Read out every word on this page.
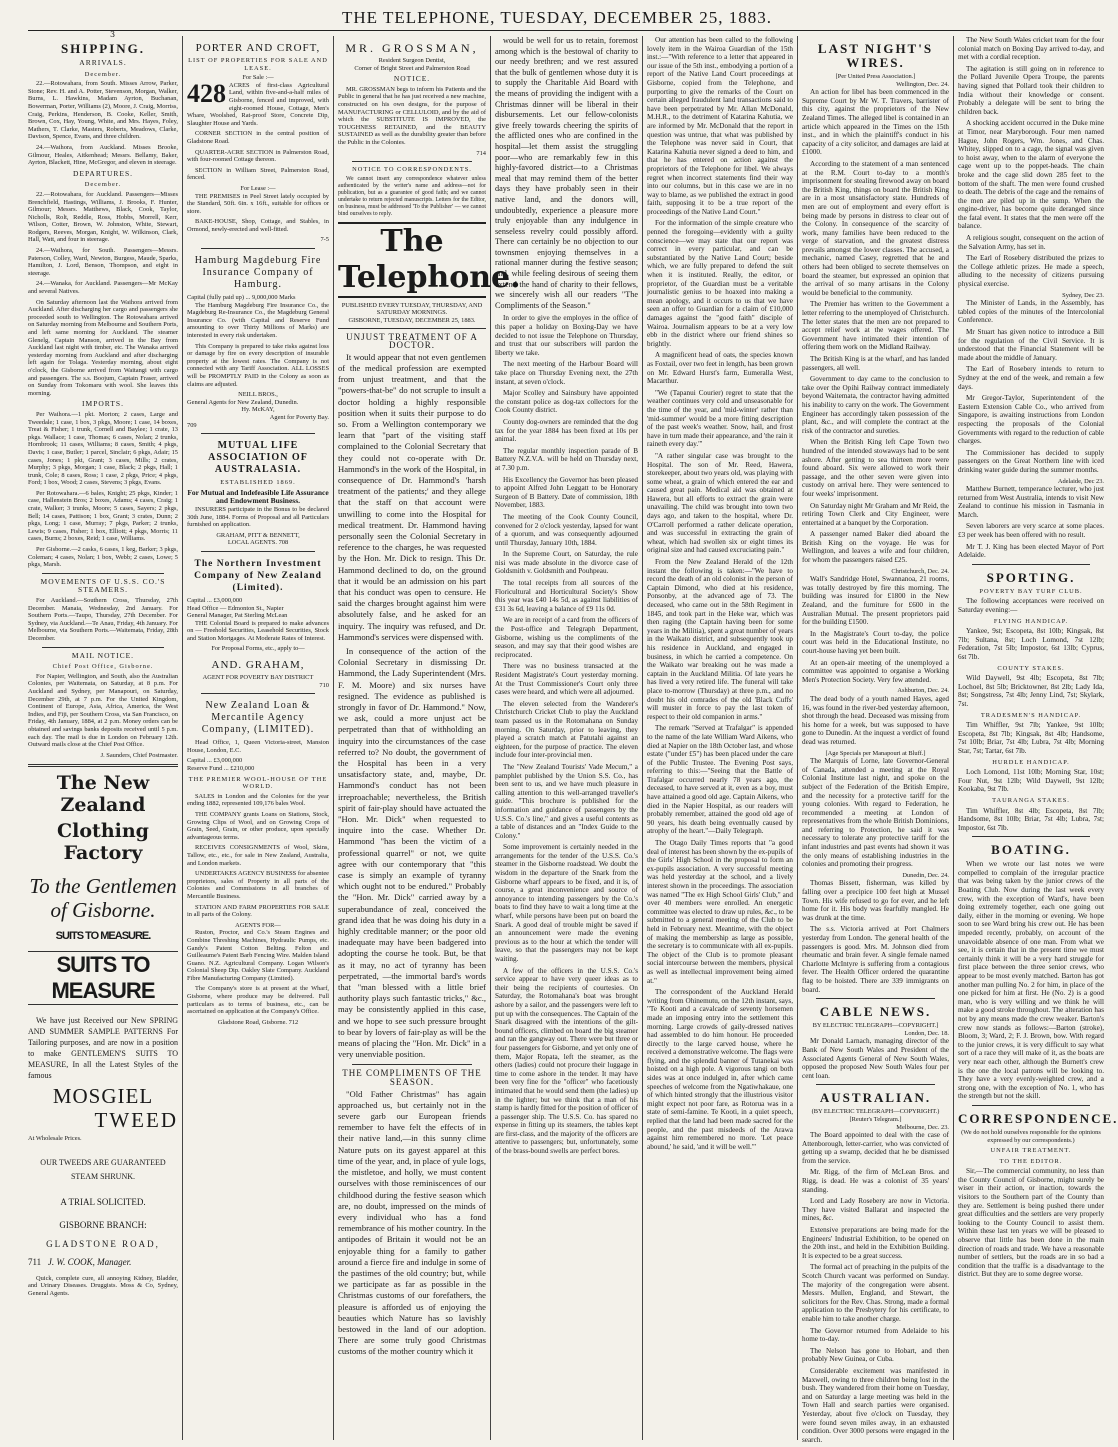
THE TELEPHONE, TUESDAY, DECEMBER 25, 1883.
3
SHIPPING.
ARRIVALS.
December.

22.—Rotowahara, from South. Misses Arrow, Parker, Stone; Rev. H. and A. Potter, Stevenson, Morgan, Walker, Burns, L. Hawkins, Madam Ayrton, Buchanan, Bowerman, Porter, Williams (2), Moore, J. Craig, Morriss, Craig, Perkins, Henderson, B. Cooke, Keller, Smith, Brown, Cox, Hay, Young, White, and Mrs. Hayes, Foley, Mathers, T. Clarke, Masters, Roberts, Meadows, Clarke, Davison, Spence, Evans, and three children.

24.—Waihora, from Auckland. Misses Brooke, Gilmour, Heales, Aitkenhead; Messrs. Bellamy, Baker, Ayrton, Blackett, Hine, McGregor, and eleven in steerage.

DEPARTURES.
December.

22.—Rotowahara, for Auckland. Passengers—Misses Brenchfield, Hastings, Williams, J. Brooks, F. Hunter, Gilmour; Messrs. Matthews, Black, Cook, Taylor, Nicholls, Rolt, Reddle, Ross, Hobbs, Morrell, Kerr, Wilson, Cotter, Brown, W. Johnston, White, Stewart, Rodgers, Reeves, Morgan, Knight, W. Wilkinson, Clark, Hall, Watt, and four in steerage.

24.—Waihora, for South. Passengers—Messrs. Paterson, Colley, Ward, Newton, Burgess, Maude, Sparks, Hamilton, J. Lord, Benson, Thompson, and eight in steerage.

24.—Wanaka, for Auckland. Passengers—Mr McKay and several Natives.

On Saturday afternoon last the Waihora arrived from Auckland. After discharging her cargo and passengers she proceeded south to Wellington. The Rotowahara arrived on Saturday morning from Melbourne and Southern Ports, and left same morning for Auckland. The steamer Glenelg, Captain Manson, arrived in the Bay from Auckland last night with timber, etc. The Wanaka arrived yesterday morning from Auckland and after discharging left again for Tolaga. Yesterday morning, about eight o'clock, the Gisborne arrived from Waitangi with cargo and passengers. The s.s. Boojum, Captain Fraser, arrived on Sunday from Tokomaru with wool. She leaves this morning.

IMPORTS.

Per Waihora.—1 pkt. Morton; 2 cases, Large and Tweedale; 1 case, 1 box, 3 pkgs, Moore; 1 case, 14 boxes, Treat & Fisher; 1 trunk, Cornell and Baylee; 1 crate, 13 pkgs. Wallace; 1 case, Thomas; 6 cases, Nolan; 2 trunks, Hornbrook; 11 cases, Williams; 8 cases, Smith; 4 pkgs, Davis; 1 case, Butler; 1 parcel, Sinclair; 6 pkgs, Adair; 15 cases, Jones; 1 pkt, Grant; 3 cases, Mills; 2 crates, Murphy; 3 pkgs, Morgan; 1 case, Black; 2 pkgs, Hall; 1 trunk, Cole; 8 cases, Ross; 1 case, 2 pkgs, Price; 4 pkgs, Ford; 1 box, Wood; 2 cases, Stevens; 3 pkgs, Evans.

Per Rotowahara.—6 bales, Knight; 25 pkgs, Kinder; 1 case, Hallenstein Bros; 2 boxes, Adams; 4 cases, Craig; 1 crate, Walker; 3 trunks, Moore; 5 cases, Sayers; 2 pkgs, Bell; 14 cases, Pattison; 1 box, Grant; 3 crates, Dunn; 2 pkgs, Long; 1 case, Murray; 7 pkgs, Parker; 2 trunks, Lewis; 9 cases, Fisher; 1 box, Elliott; 4 pkgs, Morris; 11 cases, Burns; 2 boxes, Reid; 1 case, Williams.

Per Gisborne.—2 casks, 6 cases, 1 keg, Barker; 3 pkgs, Coleman; 4 cases, Nolan; 1 box, Webb; 2 cases, Lowe; 5 pkgs, Marsh.

MOVEMENTS OF U.S.S. CO.'S STEAMERS.

For Auckland.—Southern Cross, Thursday, 27th December. Manaia, Wednesday, 2nd January. For Southern Ports.—Taupo, Thursday, 27th December. For Sydney, via Auckland.—Te Anau, Friday, 4th January. For Melbourne, via Southern Ports.—Waitemata, Friday, 28th December.

MAIL NOTICE.
Chief Post Office, Gisborne.

For Napier, Wellington, and South, also the Australian Colonies, per Waitemata, on Saturday, at 8 p.m. For Auckland and Sydney, per Manapouri, on Saturday, December 29th, at 7 p.m. For the United Kingdom, Continent of Europe, Asia, Africa, America, the West Indies, and Fiji, per Southern Cross, via San Francisco, on Friday, 4th January, 1884, at 2 p.m. Money orders can be obtained and savings banks deposits received until 5 p.m. each day. The mail is due in London on February 12th. Outward mails close at the Chief Post Office.

J. Saunders, Chief Postmaster.
The New Zealand
Clothing Factory
To the Gentlemen of Gisborne.
SUITS TO MEASURE.
SUITS TO MEASURE

We have just Received our New SPRING AND SUMMER SAMPLE PATTERNS For Tailoring purposes, and are now in a position to make GENTLEMEN'S SUITS TO MEASURE, In all the Latest Styles of the famous

MOSGIEL
TWEED
At Wholesale Prices.
OUR TWEEDS ARE GUARANTEED STEAM SHRUNK.
A TRIAL SOLICITED.
GISBORNE BRANCH:
GLADSTONE ROAD,
711 J. W. COOK, Manager.

Quick, complete cure, all annoying Kidney, Bladder, and Urinary Diseases. Druggists. Moss & Co, Sydney, General Agents.

PORTER AND CROFT,
LIST OF PROPERTIES FOR SALE AND LEASE.
For Sale :—

428 ACRES of first-class Agricultural Land, within five-and-a-half miles of Gisborne, fenced and improved, with eight-roomed House, Cottage, Men's Whare, Woolshed, Rat-proof Store, Concrete Dip, Slaughter House and Yards.

CORNER SECTION in the central position of Gladstone Road.

QUARTER-ACRE SECTION in Palmerston Road, with four-roomed Cottage thereon.

SECTION in William Street, Palmerston Road, fenced.

For Lease :—

THE PREMISES in Peel Street lately occupied by the Standard, 50ft. 6in. x 16ft., suitable for offices or store.

BAKE-HOUSE, Shop, Cottage, and Stables, in Ormond, newly-erected and well-fitted.

7-5
Hamburg Magdeburg Fire Insurance Company of Hamburg.
Capital (fully paid up) ... 9,000,000 Marks

The Hamburg Magdeburg Fire Insurance Co., the Magdeburg Re-Insurance Co., the Magdeburg General Insurance Co. (with Capital and Reserve Fund amounting to over Thirty Millions of Marks) are interested in every risk undertaken.

This Company is prepared to take risks against loss or damage by fire on every description of insurable property at the lowest rates. The Company is not connected with any Tariff Association. ALL LOSSES will be PROMPTLY PAID in the Colony as soon as claims are adjusted.

NEILL BROS.,
General Agents for New Zealand, Dunedin.
Hy. McKAY,
Agent for Poverty Bay.
709
MUTUAL LIFE ASSOCIATION OF AUSTRALASIA.
ESTABLISHED 1869.
For Mutual and Indefeasible Life Assurance and Endowment Business.

INSURERS participate in the Bonus to be declared 30th June, 1884. Forms of Proposal and all Particulars furnished on application.

GRAHAM, PITT & BENNETT,
LOCAL AGENTS. 708
The Northern Investment Company of New Zealand (Limited).
Capital ... £3,000,000
Head Office — Edmonton St., Napier
General Manager, Pat Sterling McLean

THE Colonial Board is prepared to make advances on — Freehold Securities, Leasehold Securities, Stock and Station Mortgages. At Moderate Rates of Interest.

For Proposal Forms, etc., apply to—
AND. GRAHAM,
AGENT FOR POVERTY BAY DISTRICT
710
New Zealand Loan & Mercantile Agency Company, (LIMITED).

Head Office, 1, Queen Victoria-street, Mansion House, London, E.C.

Capital ... £3,000,000
Reserve Fund ... £210,000
THE PREMIER WOOL-HOUSE OF THE WORLD.

SALES in London and the Colonies for the year ending 1882, represented 109,176 bales Wool.

THE COMPANY grants Loans on Stations, Stock, Growing Clips of Wool, and on Growing Crops of Grain, Seed, Grain, or other produce, upon specially advantageous terms.

RECEIVES CONSIGNMENTS of Wool, Skins, Tallow, etc., etc., for sale in New Zealand, Australia, and London markets.

UNDERTAKES AGENCY BUSINESS for absentee proprietors, sales of Property in all parts of the Colonies and Commissions in all branches of Mercantile Business.

STATION AND FARM PROPERTIES FOR SALE in all parts of the Colony.

AGENTS FOR—

Ruston, Proctor, and Co.'s Steam Engines and Combine Threshing Machines, Hydraulic Pumps, etc. Gandy's Patent Cotton Belting. Felton and Guilleaume's Patent Barb Fencing Wire. Malden Island Guano. N.Z. Agricultural Company. Logan Wilson's Colonial Sheep Dip. Oakley Slate Company. Auckland Fibre Manufacturing Company (Limited).

The Company's store is at present at the Wharf, Gisborne, where produce may be delivered. Full particulars as to terms of business, etc., can be ascertained on application at the Company's Office.

Gladstone Road, Gisborne. 712
MR. GROSSMAN,
Resident Surgeon Dentist,
Corner of Bright Street and Palmerston Road
NOTICE.

MR. GROSSMAN begs to inform his Patients and the Public in general that he has just received a new machine, constructed on his own designs, for the purpose of MANUFACTURING or CELLULOID, and by the aid of which the SUBSTITUTE IS IMPROVED, the TOUGHNESS RETAINED, and the BEAUTY SUSTAINED as well as the durability greater than before the Public in the Colonies.

714
NOTICE TO CORRESPONDENTS.

We cannot insert any correspondence whatever unless authenticated by the writer's name and address—not for publication, but as a guarantee of good faith; and we cannot undertake to return rejected manuscripts. Letters for the Editor, on business, must be addressed 'To the Publisher' — we cannot bind ourselves to reply.

The Telephone.
PUBLISHED EVERY TUESDAY, THURSDAY, AND SATURDAY MORNINGS.
GISBORNE, TUESDAY, DECEMBER 25, 1883.
UNJUST TREATMENT OF A DOCTOR.

It would appear that not even gentlemen of the medical profession are exempted from unjust treatment, and that the "powers-that-be" do not scruple to insult a doctor holding a highly responsible position when it suits their purpose to do so. From a Wellington contemporary we learn that "part of the visiting staff complained to the Colonial Secretary that they could not co-operate with Dr. Hammond's in the work of the Hospital, in consequence of Dr. Hammond's 'harsh treatment of the patients;' and they allege that the staff on that account were unwilling to come into the Hospital for medical treatment. Dr. Hammond having personally seen the Colonial Secretary in reference to the charges, he was requested by the Hon. Mr. Dick to resign. This Dr. Hammond declined to do, on the ground that it would be an admission on his part that his conduct was open to censure. He said the charges brought against him were absolutely false, and he asked for an inquiry. The inquiry was refused, and Dr. Hammond's services were dispensed with.

In consequence of the action of the Colonial Secretary in dismissing Dr. Hammond, the Lady Superintendent (Mrs. F. M. Moore) and six nurses have resigned. The evidence as published is strongly in favor of Dr. Hammond." Now, we ask, could a more unjust act be perpetrated than that of withholding an inquiry into the circumstances of the case referred to? No doubt, the government of the Hospital has been in a very unsatisfactory state, and, maybe, Dr. Hammond's conduct has not been irreproachable; nevertheless, the British spirit of fair-play should have actuated the "Hon. Mr. Dick" when requested to inquire into the case. Whether Dr. Hammond "has been the victim of a professional quarrel" or not, we quite agree with our contemporary that "this case is simply an example of tyranny which ought not to be endured." Probably the "Hon. Mr. Dick" carried away by a superabundance of zeal, conceived the grand idea that he was doing his duty in a highly creditable manner; or the poor old inadequate may have been badgered into adopting the course he took. But, be that as it may, no act of tyranny has been perpetrated, —the immortal bard's words that "man blessed with a little brief authority plays such fantastic tricks," &c., may be consistently applied in this case, and we hope to see such pressure brought to bear by lovers of fair-play as will be the means of placing the "Hon. Mr. Dick" in a very unenviable position.

THE COMPLIMENTS OF THE SEASON.

"Old Father Christmas" has again approached us, but certainly not in the severe garb our European friends remember to have felt the effects of in their native land,—in this sunny clime Nature puts on its gayest apparel at this time of the year, and, in place of yule logs, the mistletoe, and holly, we must content ourselves with those reminiscences of our childhood during the festive season which are, no doubt, impressed on the minds of every individual who has a fond remembrance of his mother country. In the antipodes of Britain it would not be an enjoyable thing for a family to gather around a fierce fire and indulge in some of the pastimes of the old country; but, while we participate as far as possible in the Christmas customs of our forefathers, the pleasure is afforded us of enjoying the beauties which Nature has so lavishly bestowed in the land of our adoption. There are some truly good Christmas customs of the mother country which it

would be well for us to retain, foremost among which is the bestowal of charity to our needy brethren; and we rest assured that the bulk of gentlemen whose duty it is to supply the Charitable Aid Board with the means of providing the indigent with a Christmas dinner will be liberal in their disbursements. Let our fellow-colonists give freely towards cheering the spirits of the afflicted ones who are confined in the hospital—let them assist the struggling poor—who are remarkably few in this highly-favored district—to a Christmas meal that may remind them of the better days they have probably seen in their native land, and the donors will, undoubtedly, experience a pleasure more truly enjoyable than any indulgence in senseless revelry could possibly afford. There can certainly be no objection to our townsmen enjoying themselves in a rational manner during the festive season; and, while feeling desirous of seeing them extend the hand of charity to their fellows, we sincerely wish all our readers "The Compliments of the Season."

In order to give the employes in the office of this paper a holiday on Boxing-Day we have decided to not issue the Telephone on Thursday, and trust that our subscribers will pardon the liberty we take.

The next meeting of the Harbour Board will take place on Thursday Evening next, the 27th instant, at seven o'clock.

Major Scolley and Sainsbury have appointed the constant police as dog-tax collectors for the Cook County district.

County dog-owners are reminded that the dog tax for the year 1884 has been fixed at 10s per animal.

The regular monthly inspection parade of B Battery N.Z.V.A. will be held on Thursday next, at 7.30 p.m.

His Excellency the Governor has been pleased to appoint Alfred John Leggatt to be Honorary Surgeon of B Battery. Date of commission, 18th November, 1883.

The meeting of the Cook County Council, convened for 2 o'clock yesterday, lapsed for want of a quorum, and was consequently adjourned until Thursday, January 10th, 1884.

In the Supreme Court, on Saturday, the rule nisi was made absolute in the divorce case of Goldsmith v. Goldsmith and Pouhpeau.

The total receipts from all sources of the Floricultural and Horticultural Society's Show this year was £40 14s 5d, as against liabilities of £31 3s 6d, leaving a balance of £9 11s 0d.

We are in receipt of a card from the officers of the Post-office and Telegraph Department, Gisborne, wishing us the compliments of the season, and may say that their good wishes are reciprocated.

There was no business transacted at the Resident Magistrate's Court yesterday morning. At the Trust Commissioner's Court only three cases were heard, and which were all adjourned.

The eleven selected from the Wanderer's Christchurch Cricket Club to play the Auckland team passed us in the Rotomahana on Sunday morning. On Saturday, prior to leaving, they played a scratch match at Patutahi against an eighteen, for the purpose of practice. The eleven include four inter-provincial men.

The "New Zealand Tourists' Vade Mecum," a pamphlet published by the Union S.S. Co., has been sent to us, and we have much pleasure in calling attention to this well-arranged traveller's guide. "This brochure is published for the information and guidance of passengers by the U.S.S. Co.'s line," and gives a useful contents as a table of distances and an "Index Guide to the Colony."

Some improvement is certainly needed in the arrangements for the tender of the U.S.S. Co.'s steamer in the Gisborne roadstead. We doubt the wisdom in the departure of the Snark from the Gisborne wharf appears to be fixed, and it is, of course, a great inconvenience and source of annoyance to intending passengers by the Co.'s boats to find they have to wait a long time at the wharf, while persons have been put on board the Snark. A good deal of trouble might be saved if an announcement were made the evening previous as to the hour at which the tender will leave, so that the passengers may not be kept waiting.

A few of the officers in the U.S.S. Co.'s service appear to have very queer ideas as to their being the recipients of courtesies. On Saturday, the Rotomahana's boat was brought ashore by a sailor, and the passengers were left to put up with the consequences. The Captain of the Snark disagreed with the intentions of the gilt-bound officers, climbed on board the big steamer and ran the gangway out. There were but three or four passengers for Gisborne, and yet only one of them, Major Ropata, left the steamer, as the others (ladies) could not procure their luggage in time to come ashore in the tender. It may have been very fine for the "officer" who facetiously intimated that he would send them (the ladies) up in the lighter; but we think that a man of his stamp is hardly fitted for the position of officer of a passenger ship. The U.S.S. Co. has spared no expense in fitting up its steamers, the tables kept are first-class, and the majority of the officers are attentive to passengers; but, unfortunately, some of the brass-bound swells are perfect bores.

Our attention has been called to the following lovely item in the Wairoa Guardian of the 15th inst.:—"With reference to a letter that appeared in our issue of the 5th inst., embodying a portion of a report of the Native Land Court proceedings at Gisborne, copied from the Telephone, and purporting to give the remarks of the Court on certain alleged fraudulent land transactions said to have been perpetrated by Mr. Allan McDonald, M.H.R., to the detriment of Katarina Kahutia, we are informed by Mr. McDonald that the report in question was untrue, that what was published by the Telephone was never said in Court, that Katarina Kahutia never signed a deed to him, and that he has entered on action against the proprietors of the Telephone for libel. We always regret when incorrect statements find their way into our columns, but in this case we are in no way to blame, as we published the extract in good faith, supposing it to be a true report of the proceedings of the Native Land Court."

For the information of the simple creature who penned the foregoing—evidently with a guilty conscience—we may state that our report was correct in every particular, and can be substantiated by the Native Land Court; beside which, we are fully prepared to defend the suit when it is instituted. Really, the editor, or proprietor, of the Guardian must be a veritable journalistic genius to be hoaxed into making a mean apology, and it occurs to us that we have seen an offer to Guardian for a claim of £10,000 damages against the "good faith" disciple of Wairoa. Journalism appears to be at a very low ebb in the district where our friend shines so brightly.

A magnificent head of oats, the species known as Foxtail, over two feet in length, has been grown on Mr. Edward Hurst's farm, Eumeralla West, Macarthur.

"We (Tapanui Courier) regret to state that the weather continues very cold and unseasonable for the time of the year, and 'mid-winter' rather than 'mid-summer' would be a more fitting description of the past week's weather. Snow, hail, and frost have in turn made their appearance, and 'the rain it raineth every day.'"

"A rather singular case was brought to the Hospital. The son of Mr. Reed, Hawera, storekeeper, about two years old, was playing with some wheat, a grain of which entered the ear and caused great pain. Medical aid was obtained at Hawera, but all efforts to extract the grain were unavailing. The child was brought into town two days ago, and taken to the hospital, where Dr. O'Carroll performed a rather delicate operation, and was successful in extracting the grain of wheat, which had swollen six or eight times its original size and had caused excruciating pain."

From the New Zealand Herald of the 12th instant the following is taken:—"We have to record the death of an old colonist in the person of Captain Dimond, who died at his residence, Ponsonby, at the advanced age of 73. The deceased, who came out in the 58th Regiment in 1845, and took part in the Heke war, which was then raging (the Captain having been for some years in the Militia), spent a great number of years in the Waikato district, and subsequently took up his residence in Auckland, and engaged in business, in which he carried a competence. On the Waikato war breaking out he was made a captain in the Auckland Militia. Of late years he has lived a very retired life. The funeral will take place to-morrow (Thursday) at three p.m., and no doubt his old comrades of the old 'Black Cuffs' will muster in force to pay the last token of respect to their old companion in arms."

The remark "Served at Trafalgar" is appended to the name of the late William Ward Aikens, who died at Napier on the 18th October last, and whose estate ("under £5") has been placed under the care of the Public Trustee. The Evening Post says, referring to this:—"Seeing that the Battle of Trafalgar occurred nearly 78 years ago, the deceased, to have served at it, even as a boy, must have attained a good old age. Captain Aikens, who died in the Napier Hospital, as our readers will probably remember, attained the good old age of 90 years, his death being eventually caused by atrophy of the heart."—Daily Telegraph.

The Otago Daily Times reports that "a good deal of interest has been shown by the ex-pupils of the Girls' High School in the proposal to form an ex-pupils association. A very successful meeting was held yesterday at the school, and a lively interest shown in the proceedings. The association was named "The ex High School Girls' Club," and over 40 members were enrolled. An energetic committee was elected to draw up rules, &c., to be submitted to a general meeting of the Club to be held in February next. Meantime, with the object of making the membership as large as possible, the secretary is to communicate with all ex-pupils. The object of the Club is to promote pleasant social intercourse between the members, physical as well as intellectual improvement being aimed at."

The correspondent of the Auckland Herald writing from Ohinemutu, on the 12th instant, says, "Te Kooti and a cavalcade of seventy horsemen made an imposing entry into the settlement this morning. Large crowds of gaily-dressed natives had assembled to do him honour. He proceeded directly to the large carved house, where he received a demonstrative welcome. The flags were flying, and the splendid banner of Tutanekai was hoisted on a high pole. A vigorous tangi on both sides was at once indulged in, after which came speeches of welcome from the Ngatiwhakaue, one of which hinted strongly that the illustrious visitor might expect not poor fare, as Rotorua was in a state of semi-famine. Te Kooti, in a quiet speech, replied that the land had been made sacred for the people, and the past misdeeds of the Arawa against him remembered no more. 'Let peace abound,' he said, 'and it will be well.'"

LAST NIGHT'S WIRES.
[Per United Press Association.]
Wellington, Dec. 24.

An action for libel has been commenced in the Supreme Court by Mr W. T. Travers, barrister of this city, against the proprietors of the New Zealand Times. The alleged libel is contained in an article which appeared in the Times on the 15th inst., and in which the plaintiff's conduct in his capacity of a city solicitor, and damages are laid at £1000.

According to the statement of a man sentenced at the R.M. Court to-day to a month's imprisonment for stealing firewood away on board the British King, things on board the British King are in a most unsatisfactory state. Hundreds of men are out of employment and every effort is being made by persons in distress to clear out of the Colony. In consequence of the scarcity of work, many families have been reduced to the verge of starvation, and the greatest distress prevails amongst the lower classes. The accused, a mechanic, named Casey, regretted that he and others had been obliged to secrete themselves on board the steamer, but expressed an opinion that the arrival of so many artisans in the Colony would be beneficial to the community.

The Premier has written to the Government a letter referring to the unemployed of Christchurch. The letter states that the men are not prepared to accept relief work at the wages offered. The Government have intimated their intention of offering them work on the Midland Railway.

The British King is at the wharf, and has landed passengers, all well.

Government to day came to the conclusion to take over the Opihi Railway contract immediately beyond Waitemata, the contractor having admitted his inability to carry on the work. The Government Engineer has accordingly taken possession of the plant, &c., and will complete the contract at the risk of the contractor and sureties.

When the British King left Cape Town two hundred of the intended stowaways had to be sent ashore. After getting to sea thirteen more were found aboard. Six were allowed to work their passage, and the other seven were given into custody on arrival here. They were sentenced to four weeks' imprisonment.

On Saturday night Mr Graham and Mr Reid, the retiring Town Clerk and City Engineer, were entertained at a banquet by the Corporation.

A passenger named Baker died aboard the British King on the voyage. He was for Wellington, and leaves a wife and four children, for whom the passengers raised £25.

Christchurch, Dec. 24.

Wall's Sandridge Hotel, Swannanoa, 21 rooms, was totally destroyed by fire this morning. The building was insured for £1800 in the New Zealand, and the furniture for £600 in the Australian Mutual. The present proprietors paid for the building £1500.

In the Magistrate's Court to-day, the police court was held in the Educational Institute, no court-house having yet been built.

At an open-air meeting of the unemployed a committee was appointed to organise a Working Men's Protection Society. Very few attended.

Ashburton, Dec. 24.

The dead body of a youth named Hayes, aged 16, was found in the river-bed yesterday afternoon, shot through the head. Deceased was missing from his home for a week, but was supposed to have gone to Dunedin. At the inquest a verdict of found dead was returned.

[Age Specials per Manapouri at Bluff.]

The Marquis of Lorne, late Governor-General of Canada, attended a meeting at the Royal Colonial Institute last night, and spoke on the subject of the Federation of the British Empire, and the necessity for a protective tariff for the young colonies. With regard to Federation, he recommended a meeting at London of representatives from the whole British Dominions, and referring to Protection, he said it was necessary to tolerate any protective tariff for the infant industries and past events had shown it was the only means of establishing industries in the colonies and promoting their progress.

Dunedin, Dec. 24.

Thomas Bissett, fisherman, was killed by falling over a precipice 100 feet high at Mussel Town. His wife refused to go for ever, and he left home for it. His body was fearfully mangled. He was drunk at the time.

The s.s. Victoria arrived at Port Chalmers yesterday from London. The general health of the passengers is good. Mrs. M. Johnson died from rheumatic and brain fever. A single female named Charlotte McIntyre is suffering from a contagious fever. The Health Officer ordered the quarantine flag to be hoisted. There are 339 immigrants on board.

CABLE NEWS.
BY ELECTRIC TELEGRAPH—COPYRIGHT.]
London, Dec. 18.

Mr Donald Larnach, managing director of the Bank of New South Wales and President of the Associated Agents General of New South Wales, opposed the proposed New South Wales four per cent loan.

AUSTRALIAN.
(BY ELECTRIC TELEGRAPH—COPYRIGHT.)
[Reuter's Telegram.]
Melbourne, Dec. 23.

The Board appointed to deal with the case of Attenborough, letter-carrier, who was convicted of getting up a swamp, decided that he be dismissed from the service.

Mr. Rigg, of the firm of McLean Bros. and Rigg, is dead. He was a colonist of 35 years' standing.

Lord and Lady Rosebery are now in Victoria. They have visited Ballarat and inspected the mines, &c.

Extensive preparations are being made for the Engineers' Industrial Exhibition, to be opened on the 20th inst., and held in the Exhibition Building. It is expected to be a great success.

The formal act of preaching in the pulpits of the Scotch Church vacant was performed on Sunday. The majority of the congregation were absent. Messrs. Mullen, England, and Stewart, the solicitors for the Rev. Chas. Strong, made a formal application to the Presbytery for his certificate, to enable him to take another charge.

The Governor returned from Adelaide to his home to-day.

The Nelson has gone to Hobart, and then probably New Guinea, or Cuba.

Considerable excitement was manifested in Maxwell, owing to three children being lost in the bush. They wandered from their home on Tuesday, and on Saturday a large meeting was held in the Town Hall and search parties were organised. Yesterday, about five o'clock on Tuesday, they were found seven miles away, in an exhausted condition. Over 3000 persons were engaged in the search.

The New South Wales cricket team for the four colonial match on Boxing Day arrived to-day, and met with a cordial reception.

The agitation is still going on in reference to the Pollard Juvenile Opera Troupe, the parents having signed that Pollard took their children to India without their knowledge or consent. Probably a delegate will be sent to bring the children back.

A shocking accident occurred in the Duke mine at Timor, near Maryborough. Four men named Hague, John Rogers, Wm. Jones, and Chas. Whitey, slipped on to a cage, the signal was given to hoist away, when to the alarm of everyone the cage went up to the poppet-heads. The chain broke and the cage slid down 285 feet to the bottom of the shaft. The men were found crushed to death. The debris of the cage and the remains of the men are piled up in the sump. When the engine-driver, has become quite deranged since the fatal event. It states that the men were off the balance.

A religious sought, consequent on the action of the Salvation Army, has set in.

The Earl of Rosebery distributed the prizes to the College athletic prizes. He made a speech, alluding to the necessity of citizens pursuing physical exercise.

Sydney, Dec 23.

The Minister of Lands, in the Assembly, has tabled copies of the minutes of the Intercolonial Conference.

Mr Stuart has given notice to introduce a Bill for the regulation of the Civil Service. It is understood that the Financial Statement will be made about the middle of January.

The Earl of Rosebery intends to return to Sydney at the end of the week, and remain a few days.

Mr Gregor-Taylor, Superintendent of the Eastern Extension Cable Co., who arrived from Singapore, is awaiting instructions from London respecting the proposals of the Colonial Governments with regard to the reduction of cable charges.

The Commissioner has decided to supply passengers on the Great Northern line with iced drinking water guide during the summer months.

Adelaide, Dec 23.

Matthew Burnett, temperance lecturer, who just returned from West Australia, intends to visit New Zealand to continue his mission in Tasmania in March.

Seven laborers are very scarce at some places. £3 per week has been offered with no result.

Mr T. J. King has been elected Mayor of Port Adelaide.

SPORTING.
POVERTY BAY TURF CLUB.

The following acceptances were received on Saturday evening:—

FLYING HANDICAP.

Yankee, 9st; Escopeta, 8st 10lb; Kingsak, 8st 7lb; Sultana, 8st; Loch Lomond, 7st 12lb; Federation, 7st 5lb; Impostor, 6st 13lb; Cyprus, 6st 7lb.

COUNTY STAKES.

Wild Daywell, 9st 4lb; Escopeta, 8st 7lb; Lochoel, 8st 5lb; Bricktowner, 8st 2lb; Lady Ida, 8st; Songstress, 7st 4lb; Jenny Lind, 7st; Skylark, 7st.

TRADESMEN'S HANDICAP.

Tim Whiffler, 9st 7lb; Yankee, 9st 10lb; Escopeta, 8st 7lb; Kingsak, 8st 4lb; Handsome, 7st 10lb; Briar, 7st 4lb; Lubra, 7st 4lb; Morning Star, 7st; Tartar, 6st 7lb.

HURDLE HANDICAP.

Loch Lomond, 11st 10lb; Morning Star, 10st; Four Nut, 9st 12lb; Wild Daywell, 9st 12lb; Kookaba, 9st 7lb.

TAURANGA STAKES.

Tim Whiffler, 8st 4lb; Escopeta, 8st 7lb; Handsome, 8st 10lb; Briar, 7st 4lb; Lubra, 7st; Impostor, 6st 7lb.

BOATING.

When we wrote our last notes we were compelled to complain of the irregular practice that was being taken by the junior crews of the Boating Club. Now during the last week every crew, with the exception of Ward's, have been doing extremely together, each one going out daily, either in the morning or evening. We hope soon to see Ward bring his crew out. He has been impeded recently, probably, on account of the unavoidable absence of one man. From what we see, it is certain that in the present time we must certainly think it will be a very hard struggle for first place between the three senior crews, who appear to be most evenly matched. Barton has got another man pulling No. 2 for him, in place of the one picked for him at first. He (No. 2) is a good man, who is very willing and we think he will make a good stroke throughout. The alteration has not by any means made the crew weaker. Barton's crew now stands as follows:—Barton (stroke), Bloom, 3; Ward, 2; F. J. Brown, bow. With regard to the junior crews, it is very difficult to say what sort of a race they will make of it, as the boats are very near each other, although the Burnett's crew is the one the local patrons will be looking to. They have a very evenly-weighted crew, and a strong one, with the exception of No. 1, who has the strength but not the skill.

CORRESPONDENCE.
(We do not hold ourselves responsible for the opinions expressed by our correspondents.)
UNFAIR TREATMENT.
TO THE EDITOR.

Sir,—The commercial community, no less than the County Council of Gisborne, might surely be wiser in their action, or inaction, towards the visitors to the Southern part of the County than they are. Settlement is being pushed there under great difficulties and the settlers are very properly looking to the County Council to assist them. Within these last ten years we will be pleased to observe that little has been done in the main direction of roads and trade. We have a reasonable number of settlers, but the roads are in so bad a condition that the traffic is a disadvantage to the district. But they are to some degree worse.
